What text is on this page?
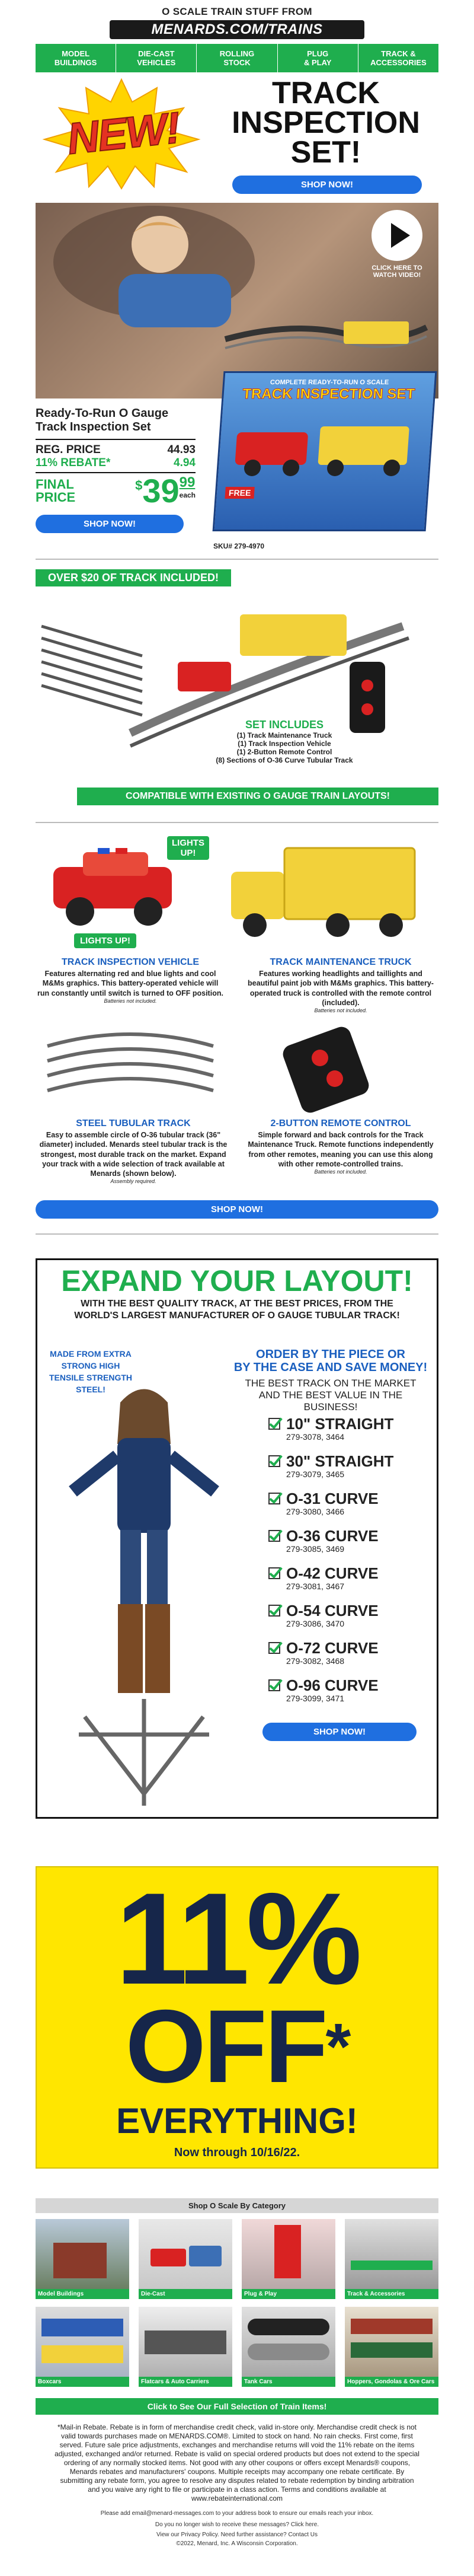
O SCALE TRAIN STUFF FROM
MENARDS.COM/TRAINS
MODEL
BUILDINGS
DIE-CAST
VEHICLES
ROLLING
STOCK
PLUG
& PLAY
TRACK &
ACCESSORIES
NEW!
TRACK
INSPECTION
SET!
SHOP NOW!
CLICK HERE TO
WATCH VIDEO!
Ready-To-Run O Gauge
Track Inspection Set
REG. PRICE	44.93
11% REBATE*	4.94
FINAL
PRICE
$ 39 99
each
SHOP NOW!
COMPLETE READY-TO-RUN O SCALE
TRACK INSPECTION SET
FREE
SKU# 279-4970
OVER $20 OF TRACK INCLUDED!
SET INCLUDES
(1) Track Maintenance Truck
(1) Track Inspection Vehicle
(1) 2-Button Remote Control
(8) Sections of O-36 Curve Tubular Track
COMPATIBLE WITH EXISTING O GAUGE TRAIN LAYOUTS!
LIGHTS
UP!
LIGHTS UP!
TRACK INSPECTION VEHICLE
Features alternating red and blue lights and cool M&Ms graphics. This battery-operated vehicle will run constantly until switch is turned to OFF position.
Batteries not included.
TRACK MAINTENANCE TRUCK
Features working headlights and taillights and beautiful paint job with M&Ms graphics. This battery-operated truck is controlled with the remote control (included).
Batteries not included.
STEEL TUBULAR TRACK
Easy to assemble circle of O-36 tubular track (36" diameter) included. Menards steel tubular track is the strongest, most durable track on the market. Expand your track with a wide selection of track available at Menards (shown below).
Assembly required.
2-BUTTON REMOTE CONTROL
Simple forward and back controls for the Track Maintenance Truck. Remote functions independently from other remotes, meaning you can use this along with other remote-controlled trains.
Batteries not included.
SHOP NOW!
EXPAND YOUR LAYOUT!
WITH THE BEST QUALITY TRACK, AT THE BEST PRICES, FROM THE
WORLD'S LARGEST MANUFACTURER OF O GAUGE TUBULAR TRACK!
MADE FROM EXTRA STRONG HIGH TENSILE STRENGTH STEEL!
ORDER BY THE PIECE OR
BY THE CASE AND SAVE MONEY!
THE BEST TRACK ON THE MARKET
AND THE BEST VALUE IN THE BUSINESS!
10" STRAIGHT
279-3078, 3464
30" STRAIGHT
279-3079, 3465
O-31 CURVE
279-3080, 3466
O-36 CURVE
279-3085, 3469
O-42 CURVE
279-3081, 3467
O-54 CURVE
279-3086, 3470
O-72 CURVE
279-3082, 3468
O-96 CURVE
279-3099, 3471
SHOP NOW!
11%
OFF*
EVERYTHING!
Now through 10/16/22.
Shop O Scale By Category
Model Buildings	Die-Cast	Plug & Play	Track & Accessories
Boxcars	Flatcars & Auto Carriers	Tank Cars	Hoppers, Gondolas & Ore Cars
Click to See Our Full Selection of Train Items!
*Mail-in Rebate. Rebate is in form of merchandise credit check, valid in-store only. Merchandise credit check is not valid towards purchases made on MENARDS.COM®. Limited to stock on hand. No rain checks. First come, first served. Future sale price adjustments, exchanges and merchandise returns will void the 11% rebate on the items adjusted, exchanged and/or returned. Rebate is valid on special ordered products but does not extend to the special ordering of any normally stocked items. Not good with any other coupons or offers except Menards® coupons, Menards rebates and manufacturers' coupons. Multiple receipts may accompany one rebate certificate. By submitting any rebate form, you agree to resolve any disputes related to rebate redemption by binding arbitration and you waive any right to file or participate in a class action. Terms and conditions available at www.rebateinternational.com
Please add email@menard-messages.com to your address book to ensure our emails reach your inbox.
Do you no longer wish to receive these messages? Click here.
View our Privacy Policy. Need further assistance? Contact Us
©2022, Menard, Inc. A Wisconsin Corporation.
